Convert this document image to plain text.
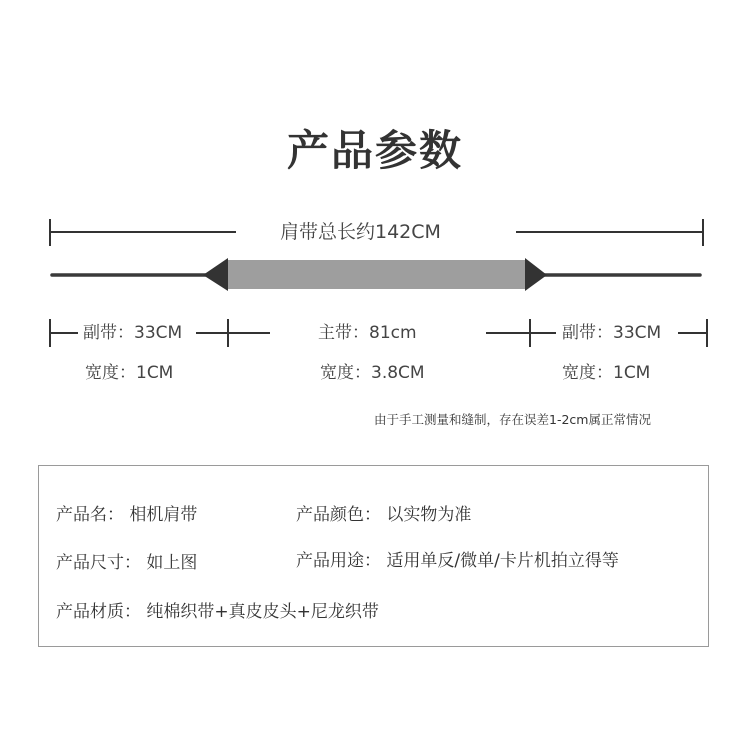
产品参数
肩带总长约142CM
副带：33CM
宽度：1CM
主带：81cm
宽度：3.8CM
副带：33CM
宽度：1CM
由于手工测量和缝制，存在误差1-2cm属正常情况
产品名： 相机肩带	产品颜色： 以实物为准
产品尺寸： 如上图	产品用途： 适用单反/微单/卡片机拍立得等
产品材质： 纯棉织带+真皮皮头+尼龙织带
